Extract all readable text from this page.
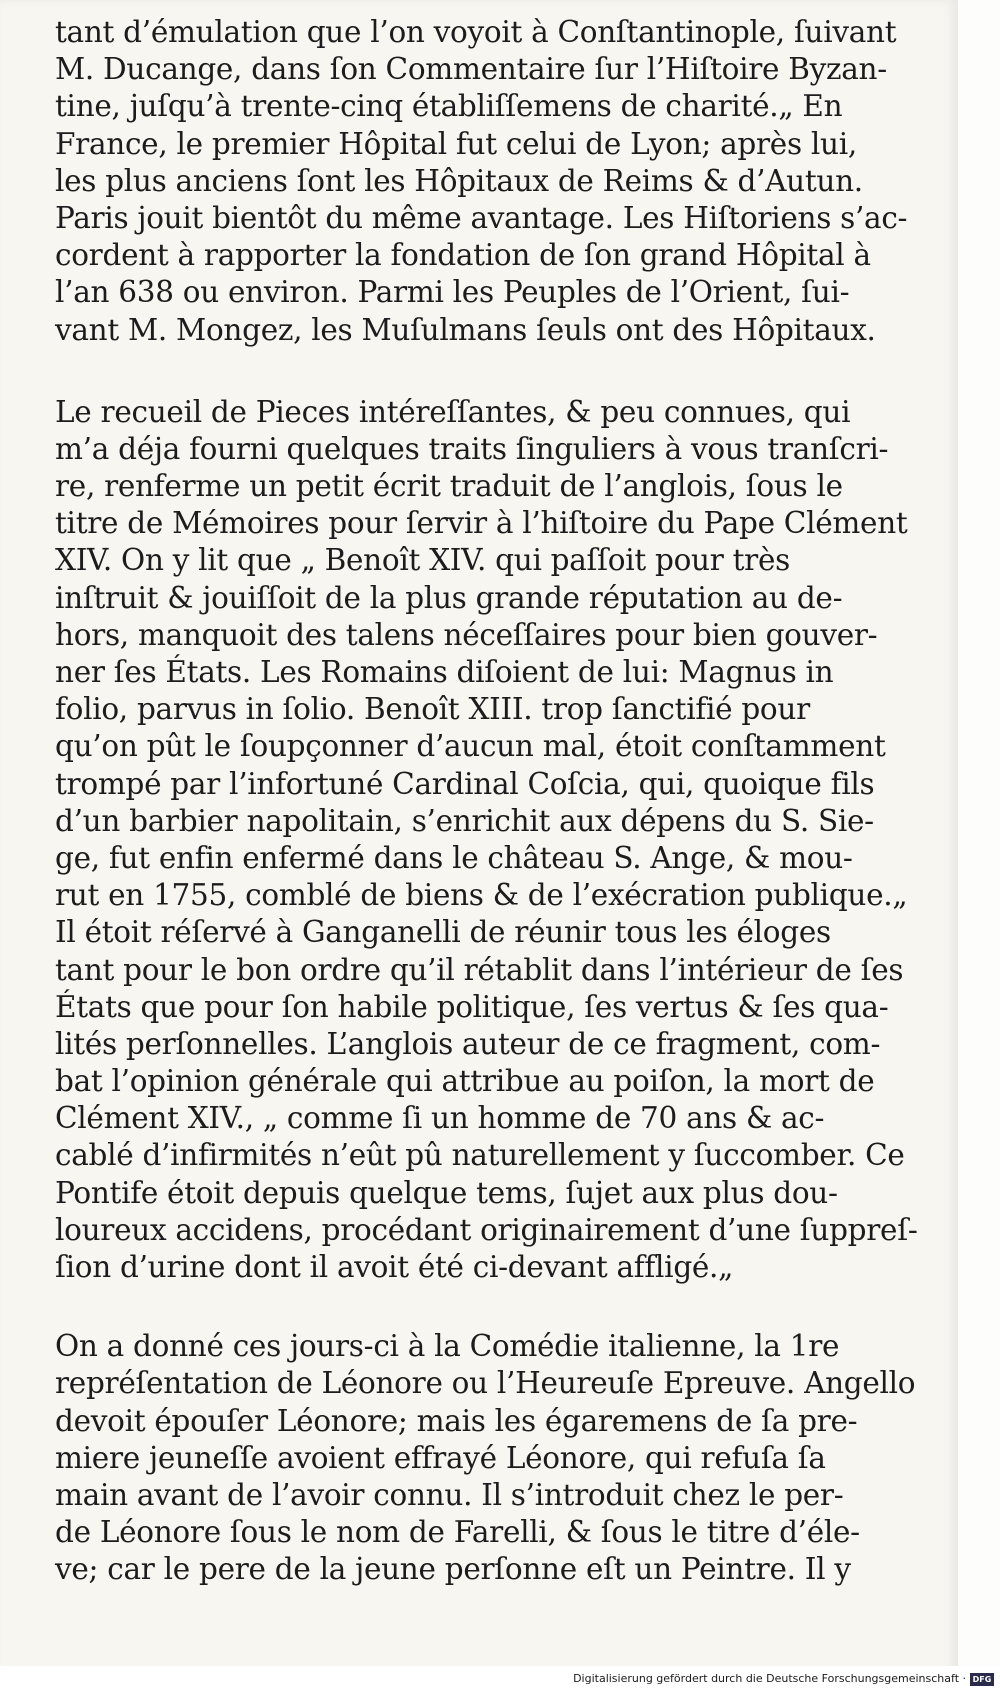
tant d’émulation que l’on voyoit à Conſtantinople, ſuivant
M. Ducange, dans ſon Commentaire ſur l’Hiſtoire Byzan-
tine, juſqu’à trente-cinq établiſſemens de charité.„ En
France, le premier Hôpital fut celui de Lyon; après lui,
les plus anciens ſont les Hôpitaux de Reims & d’Autun.
Paris jouit bientôt du même avantage. Les Hiſtoriens s’ac-
cordent à rapporter la fondation de ſon grand Hôpital à
l’an 638 ou environ. Parmi les Peuples de l’Orient, ſui-
vant M. Mongez, les Muſulmans ſeuls ont des Hôpitaux.
Le recueil de Pieces intéreſſantes, & peu connues, qui
m’a déja fourni quelques traits ſinguliers à vous tranſcri-
re, renferme un petit écrit traduit de l’anglois, ſous le
titre de Mémoires pour ſervir à l’hiſtoire du Pape Clément
XIV. On y lit que „ Benoît XIV. qui paſſoit pour très
inſtruit & jouiſſoit de la plus grande réputation au de-
hors, manquoit des talens néceſſaires pour bien gouver-
ner ſes États. Les Romains diſoient de lui: Magnus in
folio, parvus in ſolio. Benoît XIII. trop ſanctifié pour
qu’on pût le ſoupçonner d’aucun mal, étoit conſtamment
trompé par l’infortuné Cardinal Coſcia, qui, quoique fils
d’un barbier napolitain, s’enrichit aux dépens du S. Sie-
ge, fut enfin enfermé dans le château S. Ange, & mou-
rut en 1755, comblé de biens & de l’exécration publique.„
Il étoit réſervé à Ganganelli de réunir tous les éloges
tant pour le bon ordre qu’il rétablit dans l’intérieur de ſes
États que pour ſon habile politique, ſes vertus & ſes qua-
lités perſonnelles. L’anglois auteur de ce fragment, com-
bat l’opinion générale qui attribue au poiſon, la mort de
Clément XIV., „ comme ſi un homme de 70 ans & ac-
cablé d’infirmités n’eût pû naturellement y ſuccomber. Ce
Pontife étoit depuis quelque tems, ſujet aux plus dou-
loureux accidens, procédant originairement d’une ſuppreſ-
ſion d’urine dont il avoit été ci-devant affligé.„
On a donné ces jours-ci à la Comédie italienne, la 1re
repréſentation de Léonore ou l’Heureuſe Epreuve. Angello
devoit épouſer Léonore; mais les égaremens de ſa pre-
miere jeuneſſe avoient effrayé Léonore, qui refuſa ſa
main avant de l’avoir connu. Il s’introduit chez le per-
de Léonore ſous le nom de Farelli, & ſous le titre d’éle-
ve; car le pere de la jeune perſonne eſt un Peintre. Il y
Digitalisierung gefördert durch die Deutsche Forschungsgemeinschaft · DFG
